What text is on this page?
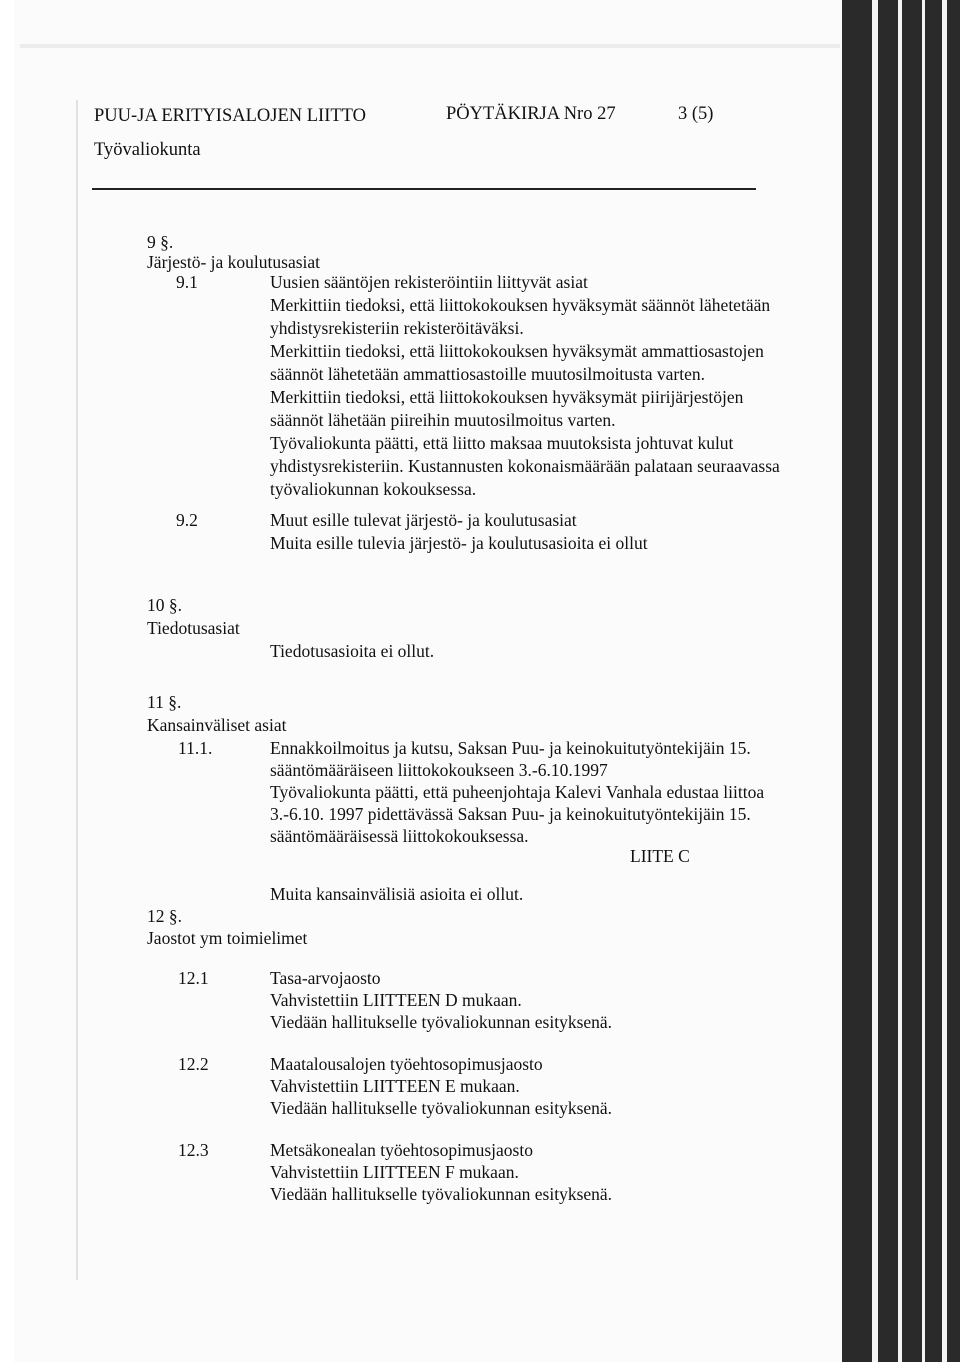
PUU-JA ERITYISALOJEN LIITTO	PÖYTÄKIRJA Nro 27	3 (5)
Työvaliokunta
9 §.
Järjestö- ja koulutusasiat
9.1	Uusien sääntöjen rekisteröintiin liittyvät asiat
Merkittiin tiedoksi, että liittokokouksen hyväksymät säännöt lähetetään
yhdistysrekisteriin rekisteröitäväksi.
Merkittiin tiedoksi, että liittokokouksen hyväksymät ammattiosastojen
säännöt lähetetään ammattiosastoille muutosilmoitusta varten.
Merkittiin tiedoksi, että liittokokouksen hyväksymät piirijärjestöjen
säännöt lähetään piireihin muutosilmoitus varten.
Työvaliokunta päätti, että liitto maksaa muutoksista johtuvat kulut
yhdistysrekisteriin. Kustannusten kokonaismäärään palataan seuraavassa
työvaliokunnan kokouksessa.
9.2	Muut esille tulevat järjestö- ja koulutusasiat
Muita esille tulevia järjestö- ja koulutusasioita ei ollut
10 §.
Tiedotusasiat
Tiedotusasioita ei ollut.
11 §.
Kansainväliset asiat
11.1.	Ennakkoilmoitus ja kutsu, Saksan Puu- ja keinokuitutyöntekijäin 15.
sääntömääräiseen liittokokoukseen 3.-6.10.1997
Työvaliokunta päätti, että puheenjohtaja Kalevi Vanhala edustaa liittoa
3.-6.10. 1997 pidettävässä Saksan Puu- ja keinokuitutyöntekijäin 15.
sääntömääräisessä liittokokouksessa.
LIITE C
Muita kansainvälisiä asioita ei ollut.
12 §.
Jaostot ym toimielimet
12.1	Tasa-arvojaosto
Vahvistettiin LIITTEEN D mukaan.
Viedään hallitukselle työvaliokunnan esityksenä.
12.2	Maatalousalojen työehtosopimusjaosto
Vahvistettiin LIITTEEN E mukaan.
Viedään hallitukselle työvaliokunnan esityksenä.
12.3	Metsäkonealan työehtosopimusjaosto
Vahvistettiin LIITTEEN F mukaan.
Viedään hallitukselle työvaliokunnan esityksenä.
